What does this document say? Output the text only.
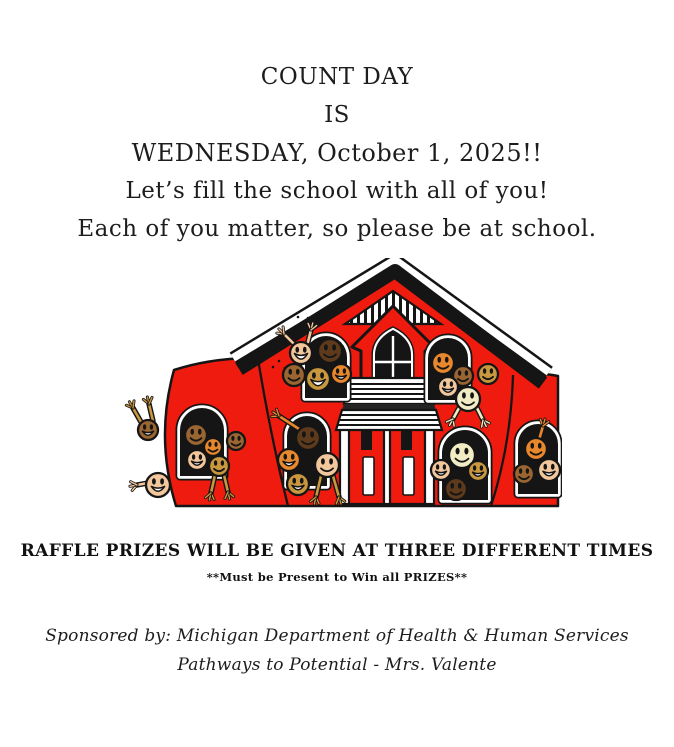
COUNT DAY
IS
WEDNESDAY, October 1, 2025!!
Let’s fill the school with all of you!
Each of you matter, so please be at school.
RAFFLE PRIZES WILL BE GIVEN AT THREE DIFFERENT TIMES
**Must be Present to Win all PRIZES**
Sponsored by: Michigan Department of Health & Human Services
Pathways to Potential - Mrs. Valente
